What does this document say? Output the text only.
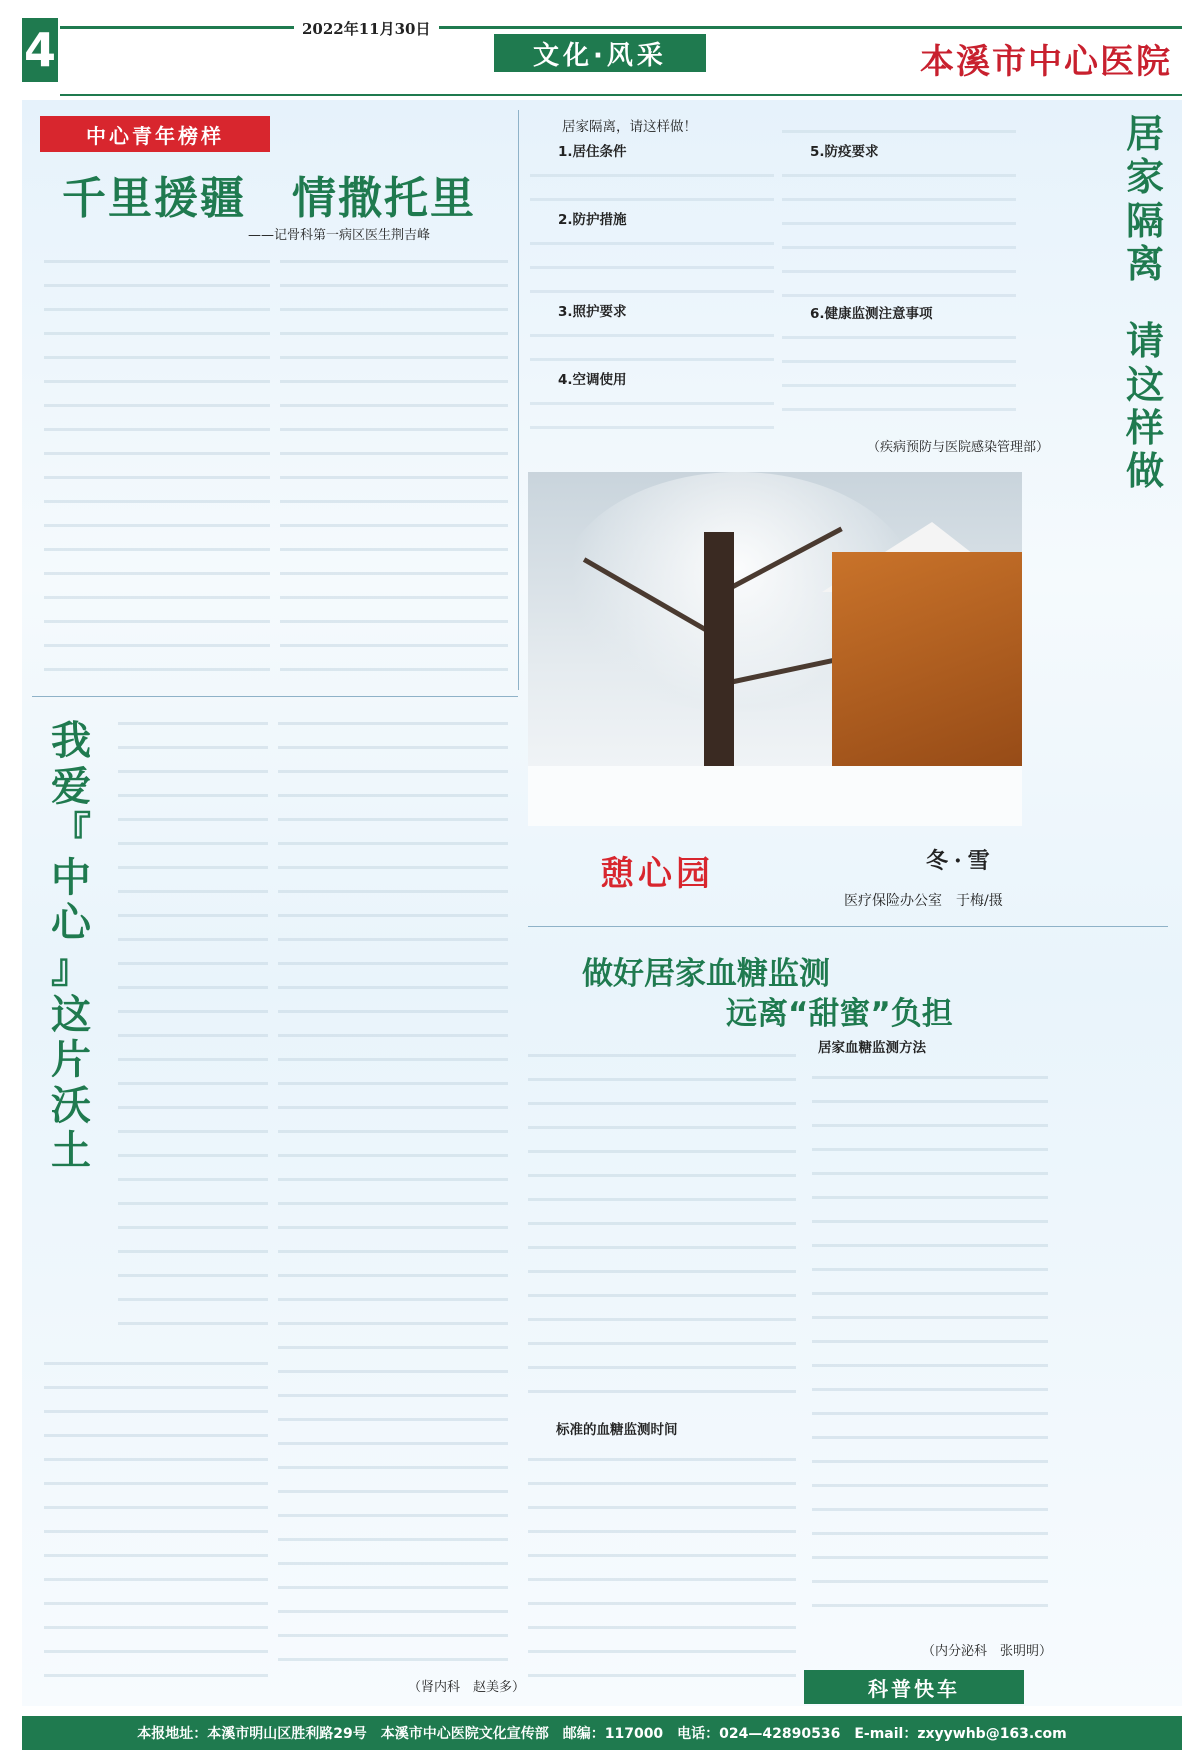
4	2022年11月30日
文化·风采	本溪市中心医院
中心青年榜样
千里援疆　情撒托里
——记骨科第一病区医生荆吉峰
居
家
隔
离
请
这
样
做
居家隔离，请这样做！
1.居住条件
2.防护措施
3.照护要求
4.空调使用
5.防疫要求
6.健康监测注意事项
（疾病预防与医院感染管理部）
憩心园	冬·雪
医疗保险办公室　于梅/摄
我
爱
『
中
心
』
这
片
沃
土
（肾内科　赵美多）
做好居家血糖监测
远离“甜蜜”负担
标准的血糖监测时间
居家血糖监测方法
（内分泌科　张明明）
科普快车
本报地址：本溪市明山区胜利路29号　本溪市中心医院文化宣传部　邮编：117000　电话：024—42890536　E-mail：zxyywhb@163.com
